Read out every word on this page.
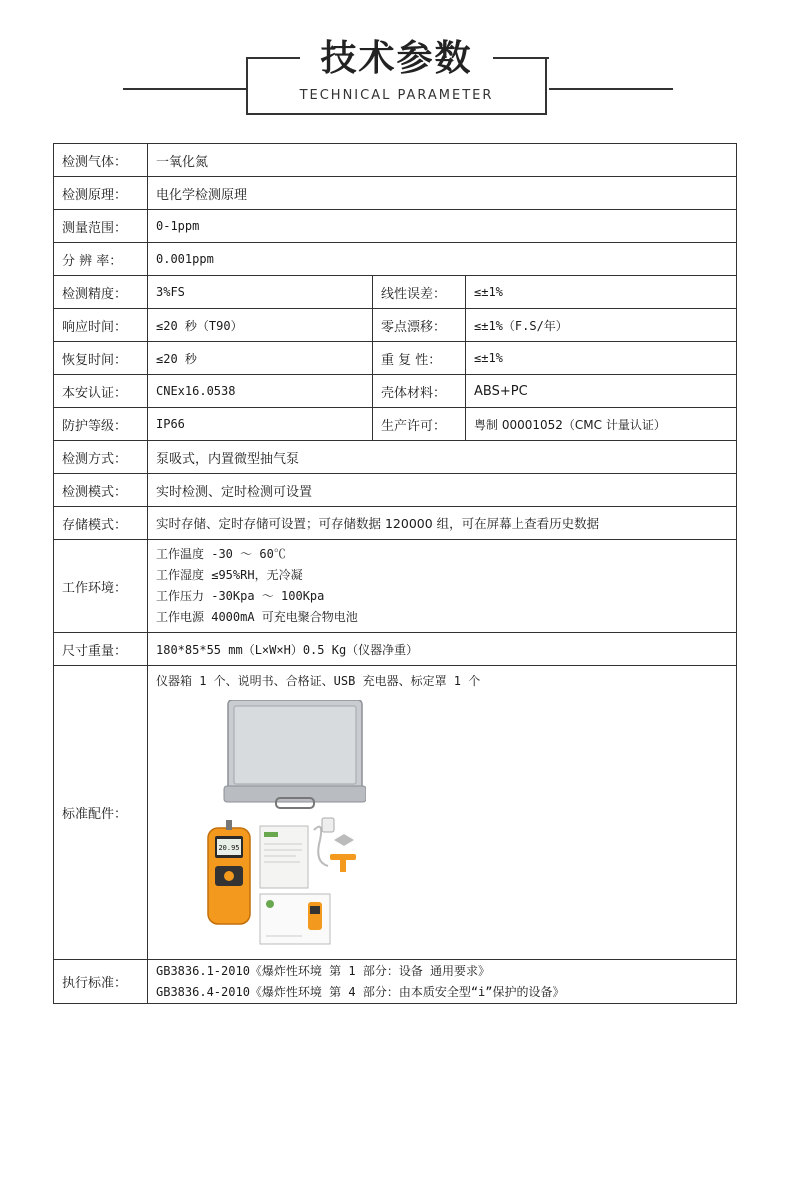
技术参数
TECHNICAL PARAMETER
检测气体：	一氧化氮		
检测原理：	电化学检测原理		
测量范围：	0-1ppm		
分 辨 率：	0.001ppm		
检测精度：	3%FS	线性误差：	≤±1%
响应时间：	≤20 秒（T90）	零点漂移：	≤±1%（F.S/年）
恢复时间：	≤20 秒	重 复 性：	≤±1%
本安认证：	CNEx16.0538	壳体材料：	ABS+PC
防护等级：	IP66	生产许可：	粤制 00001052（CMC 计量认证）
检测方式：	泵吸式，内置微型抽气泵		
检测模式：	实时检测、定时检测可设置		
存储模式：	实时存储、定时存储可设置；可存储数据 120000 组，可在屏幕上查看历史数据		
工作环境：	工作温度 -30 ～ 60℃
工作湿度 ≤95%RH，无冷凝
工作压力 -30Kpa ～ 100Kpa
工作电源 4000mA 可充电聚合物电池		

尺寸重量：	180*85*55 mm（L×W×H）0.5 Kg（仪器净重）		
标准配件：	仪器箱 1 个、说明书、合格证、USB 充电器、标定罩 1 个
20.95		

执行标准：	GB3836.1-2010《爆炸性环境 第 1 部分：设备 通用要求》
GB3836.4-2010《爆炸性环境 第 4 部分：由本质安全型“i”保护的设备》		
